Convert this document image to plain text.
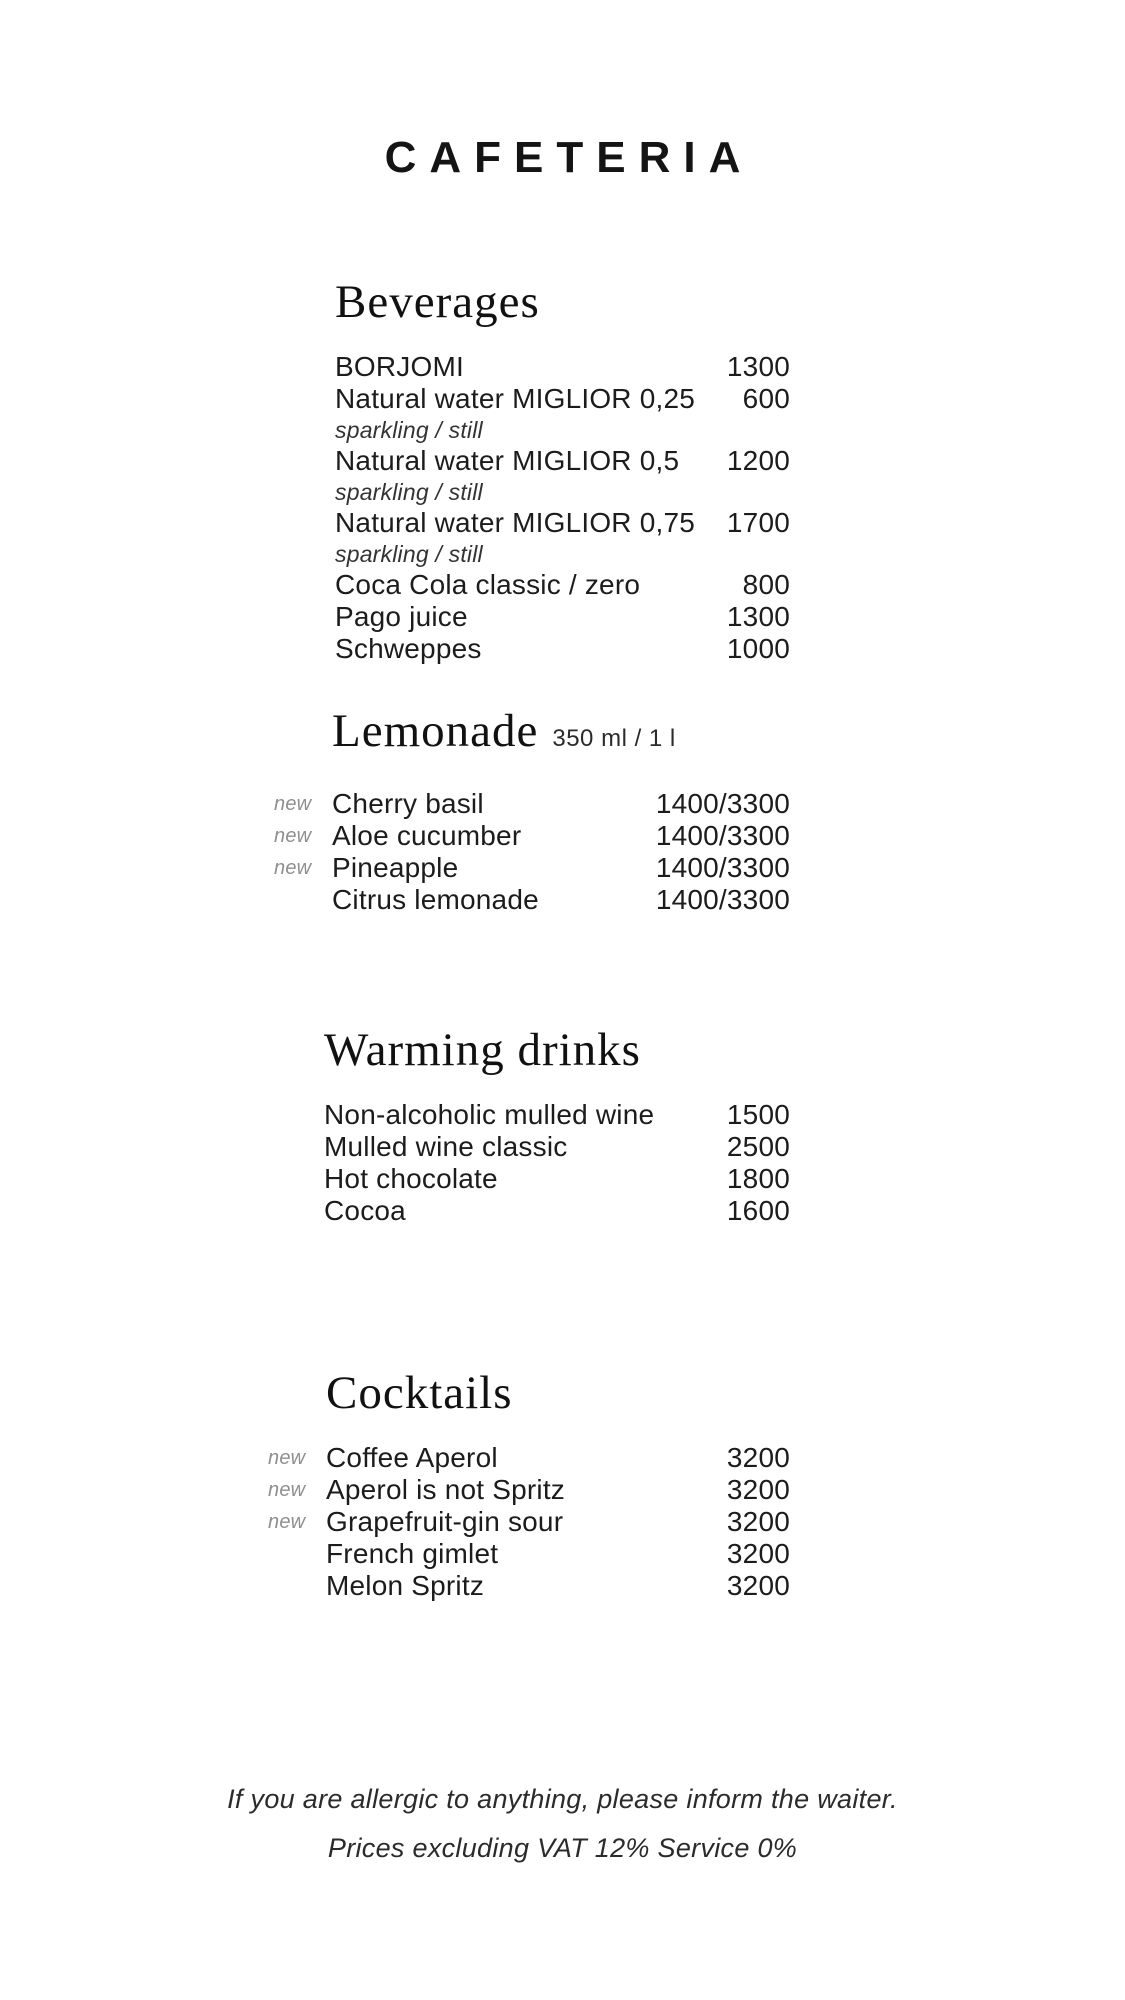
CAFETERIA
Beverages
BORJOMI	1300
Natural water MIGLIOR 0,25 600
sparkling / still
Natural water MIGLIOR 0,5 1200
sparkling / still
Natural water MIGLIOR 0,75 1700
sparkling / still
Coca Cola classic / zero	800
Pago juice	1300
Schweppes	1000
Lemonade 350 ml / 1 l
new Cherry basil	1400/3300
new Aloe cucumber	1400/3300
new Pineapple	1400/3300
Citrus lemonade	1400/3300
Warming drinks
Non-alcoholic mulled wine	1500
Mulled wine classic	2500
Hot chocolate	1800
Cocoa	1600
Cocktails
new Coffee Aperol	3200
new Aperol is not Spritz	3200
new Grapefruit-gin sour	3200
French gimlet	3200
Melon Spritz	3200
If you are allergic to anything, please inform the waiter.
Prices excluding VAT 12% Service 0%
